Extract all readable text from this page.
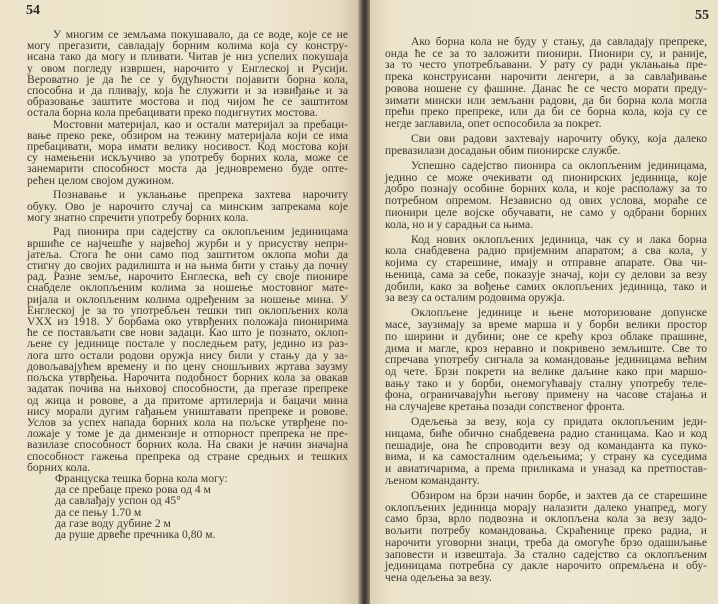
54
У многим се земљама покушавало, да се воде, које се не
могу прегазити, савладају борним колима која су констру-
исана тако да могу и пливати. Читав је низ успелих покушаја
у овом погледу извршен, нарочито у Енглеској и Русији.
Вероватно је да ће се у будућности појавити борна кола,
способна и да пливају, која ће служити и за извиђање и за
образовање заштите мостова и под чијом ће се заштитом
остала борна кола пребацивати преко подигнутих мостова.
Мостовни материјал, као и остали материјал за пребаци-
вање преко реке, обзиром на тежину материјала који се има
пребацивати, мора имати велику носивост. Код мостова који
су намењени искључиво за употребу борних кола, може се
занемарити способност моста да једновремено буде опте-
рећен целом својом дужином.
Познавање и уклањање препрека захтева нарочиту
обуку. Ово је нарочито случај са минским запрекама које
могу знатно спречити употребу борних кола.
Рад пионира при садејству са оклопљеним јединицама
вршиће се најчешће у највећој журби и у присуству непри-
јатеља. Стога ће они само под заштитом оклопа моћи да
стигну до својих радилишта и на њима бити у стању да почну
рад. Разне земље, нарочито Енглеска, већ су своје пионире
снабделе оклопљеним колима за ношење мостовног мате-
ријала и оклопљеним колима одређеним за ношење мина. У
Енглеској је за то употребљен тешки тип оклопљених кола
VXX из 1918. У борбама око утврђених положаја пионирима
ће се постављати све нови задаци. Као што је познато, оклоп-
љене су јединице постале у последњем рату, једино из раз-
лога што остали родови оружја нису били у стању да у за-
довољавајућем времену и по цену сношљивих жртава заузму
пољска утврђења. Нарочита подобност борних кола за овакав
задатак почива на њиховој способности, да прегазе препреке
од жица и ровове, а да притоме артилерија и бацачи мина
нису морали дугим гађањем уништавати препреке и ровове.
Услов за успех напада борних кола на пољске утврђене по-
ложаје у томе је да димензије и отпорност препрека не пре-
вазилазе способност борних кола. На сваки је начин значајна
способност гажења препрека од стране средњих и тешких
борних кола.
Француска тешка борна кола могу:
да се пребаце преко рова од 4 м
да савлађају успон од 45°
да се пењу 1.70 м
да газе воду дубине 2 м
да руше дрвеће пречника 0,80 м.
55
Ако борна кола не буду у стању, да савладају препреке,
онда ће се за то заложити пионири. Пионири су, и раније,
за то често употребљавани. У рату су ради уклањања пре-
прека конструисани нарочити ленгери, а за савлађивање
ровова ношене су фашине. Данас ће се често морати преду-
зимати мински или земљани радови, да би борна кола могла
прећи преко препреке, или да би се борна кола, која су се
негде заглавила, опет оспособила за покрет.
Сви ови радови захтевају нарочиту обуку, која далеко
превазилази досадањи обим пионирске службе.
Успешно садејство пионира са оклопљеним јединицама,
једино се може очекивати од пионирских јединица, које
добро познају особине борних кола, и које располажу за то
потребном опремом. Независно од ових услова, мораће се
пионири целе војске обучавати, не само у одбрани борних
кола, но и у сарадњи са њима.
Код нових оклопљених јединица, чак су и лака борна
кола снабдевена радио пријемним апаратом; а сва кола, у
којима су старешине, имају и отправне апарате. Ова чи-
њеница, сама за себе, показује значај, који су делови за везу
добили, како за вођење самих оклопљених јединица, тако и
за везу са осталим родовима оружја.
Оклопљене јединице и њене моторизоване допунске
масе, заузимају за време марша и у борби велики простор
по ширини и дубини; оне се крећу кроз облаке прашине,
дима и магле, кроз неравно и покривено земљиште. Све то
спречава употребу сигнала за командовање јединицама већим
од чете. Брзи покрети на велике даљине како при маршо-
вању тако и у борби, онемогућавају сталну употребу теле-
фона, ограничавајући његову примену на часове стајања и
на случајеве кретања позади сопственог фронта.
Одељења за везу, која су придата оклопљеним једи-
ницама, биће обично снабдевена радио станицама. Као и код
пешадије, она ће спроводити везу од команданта ка пуко-
вима, и ка самосталним одељењима; у страну ка суседима
и авиатичарима, а према приликама и уназад ка претпостав-
љеном команданту.
Обзиром на брзи начин борбе, и захтев да се старешине
оклопљених јединица морају налазити далеко унапред, могу
само брза, врло подвозна и оклопљена кола за везу задо-
вољити потребу командовања. Скраћенице преко радиа, и
нарочити уговорни знаци, треба да омогуће брзо одашиљање
заповести и извештаја. За стално садејство са оклопљеним
јединицама потребна су дакле нарочито опремљена и обу-
чена одељења за везу.
